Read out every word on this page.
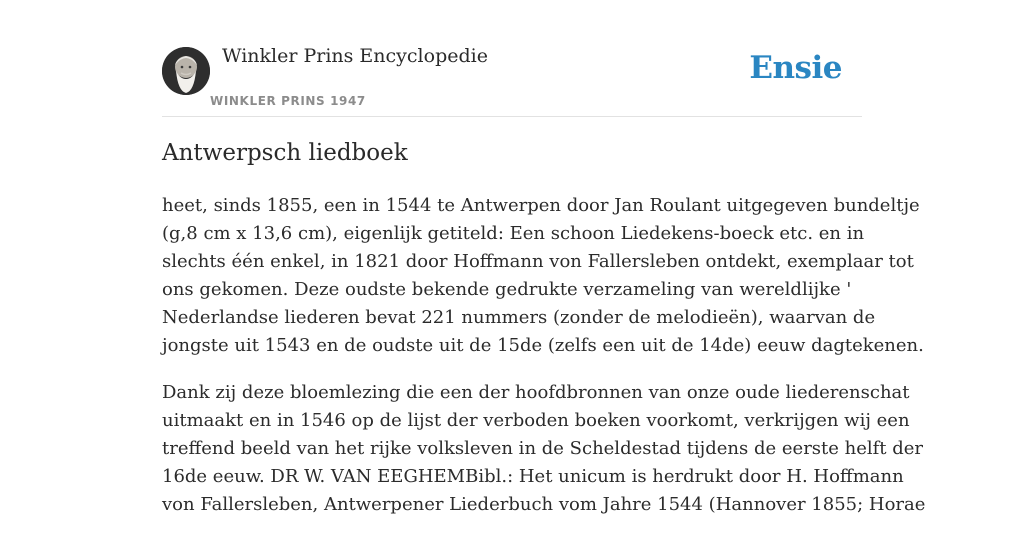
Winkler Prins Encyclopedie
WINKLER PRINS 1947
Ensie
Antwerpsch liedboek

heet, sinds 1855, een in 1544 te Antwerpen door Jan Roulant uitgegeven bundeltje
(g,8 cm x 13,6 cm), eigenlijk getiteld: Een schoon Liedekens-boeck etc. en in
slechts één enkel, in 1821 door Hoffmann von Fallersleben ontdekt, exemplaar tot
ons gekomen. Deze oudste bekende gedrukte verzameling van wereldlijke '
Nederlandse liederen bevat 221 nummers (zonder de melodieën), waarvan de
jongste uit 1543 en de oudste uit de 15de (zelfs een uit de 14de) eeuw dagtekenen.

Dank zij deze bloemlezing die een der hoofdbronnen van onze oude liederenschat
uitmaakt en in 1546 op de lijst der verboden boeken voorkomt, verkrijgen wij een
treffend beeld van het rijke volksleven in de Scheldestad tijdens de eerste helft der
16de eeuw. DR W. VAN EEGHEMBibl.: Het unicum is herdrukt door H. Hoffmann
von Fallersleben, Antwerpener Liederbuch vom Jahre 1544 (Hannover 1855; Horae
